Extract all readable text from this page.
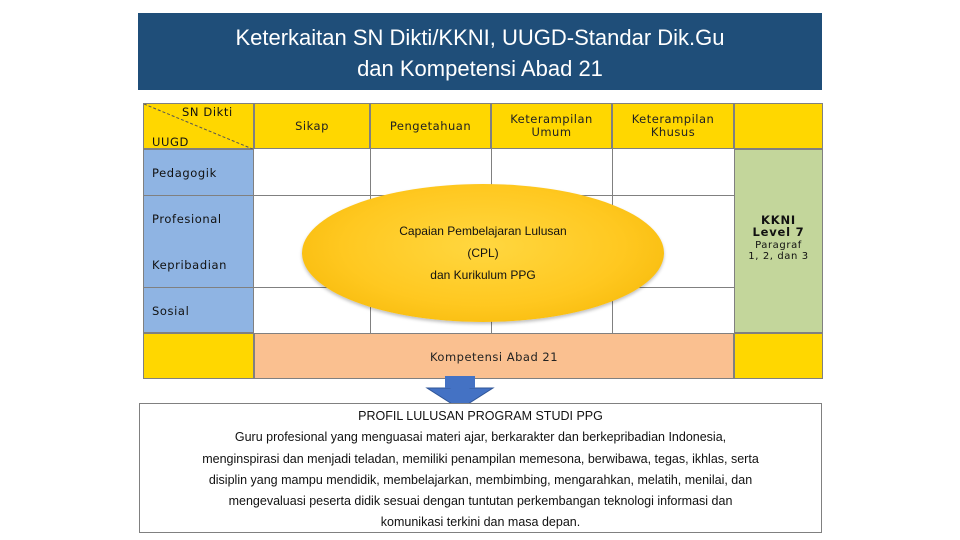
Keterkaitan SN Dikti/KKNI, UUGD-Standar Dik.Gu
dan Kompetensi Abad 21
SN Dikti
UUGD
Sikap	Pengetahuan	Keterampilan Umum
Keterampilan Khusus
Pedagogik
Profesional
Kepribadian
Sosial
KKNI
Level 7
Paragraf
1, 2, dan 3
Kompetensi Abad 21
Capaian Pembelajaran Lulusan
(CPL)
dan Kurikulum PPG
PROFIL LULUSAN PROGRAM STUDI PPG
Guru profesional yang menguasai materi ajar, berkarakter dan berkepribadian Indonesia,
menginspirasi dan menjadi teladan, memiliki penampilan memesona, berwibawa, tegas, ikhlas, serta
disiplin yang mampu mendidik, membelajarkan, membimbing, mengarahkan, melatih, menilai, dan
mengevaluasi peserta didik sesuai dengan tuntutan perkembangan teknologi informasi dan
komunikasi terkini dan masa depan.
